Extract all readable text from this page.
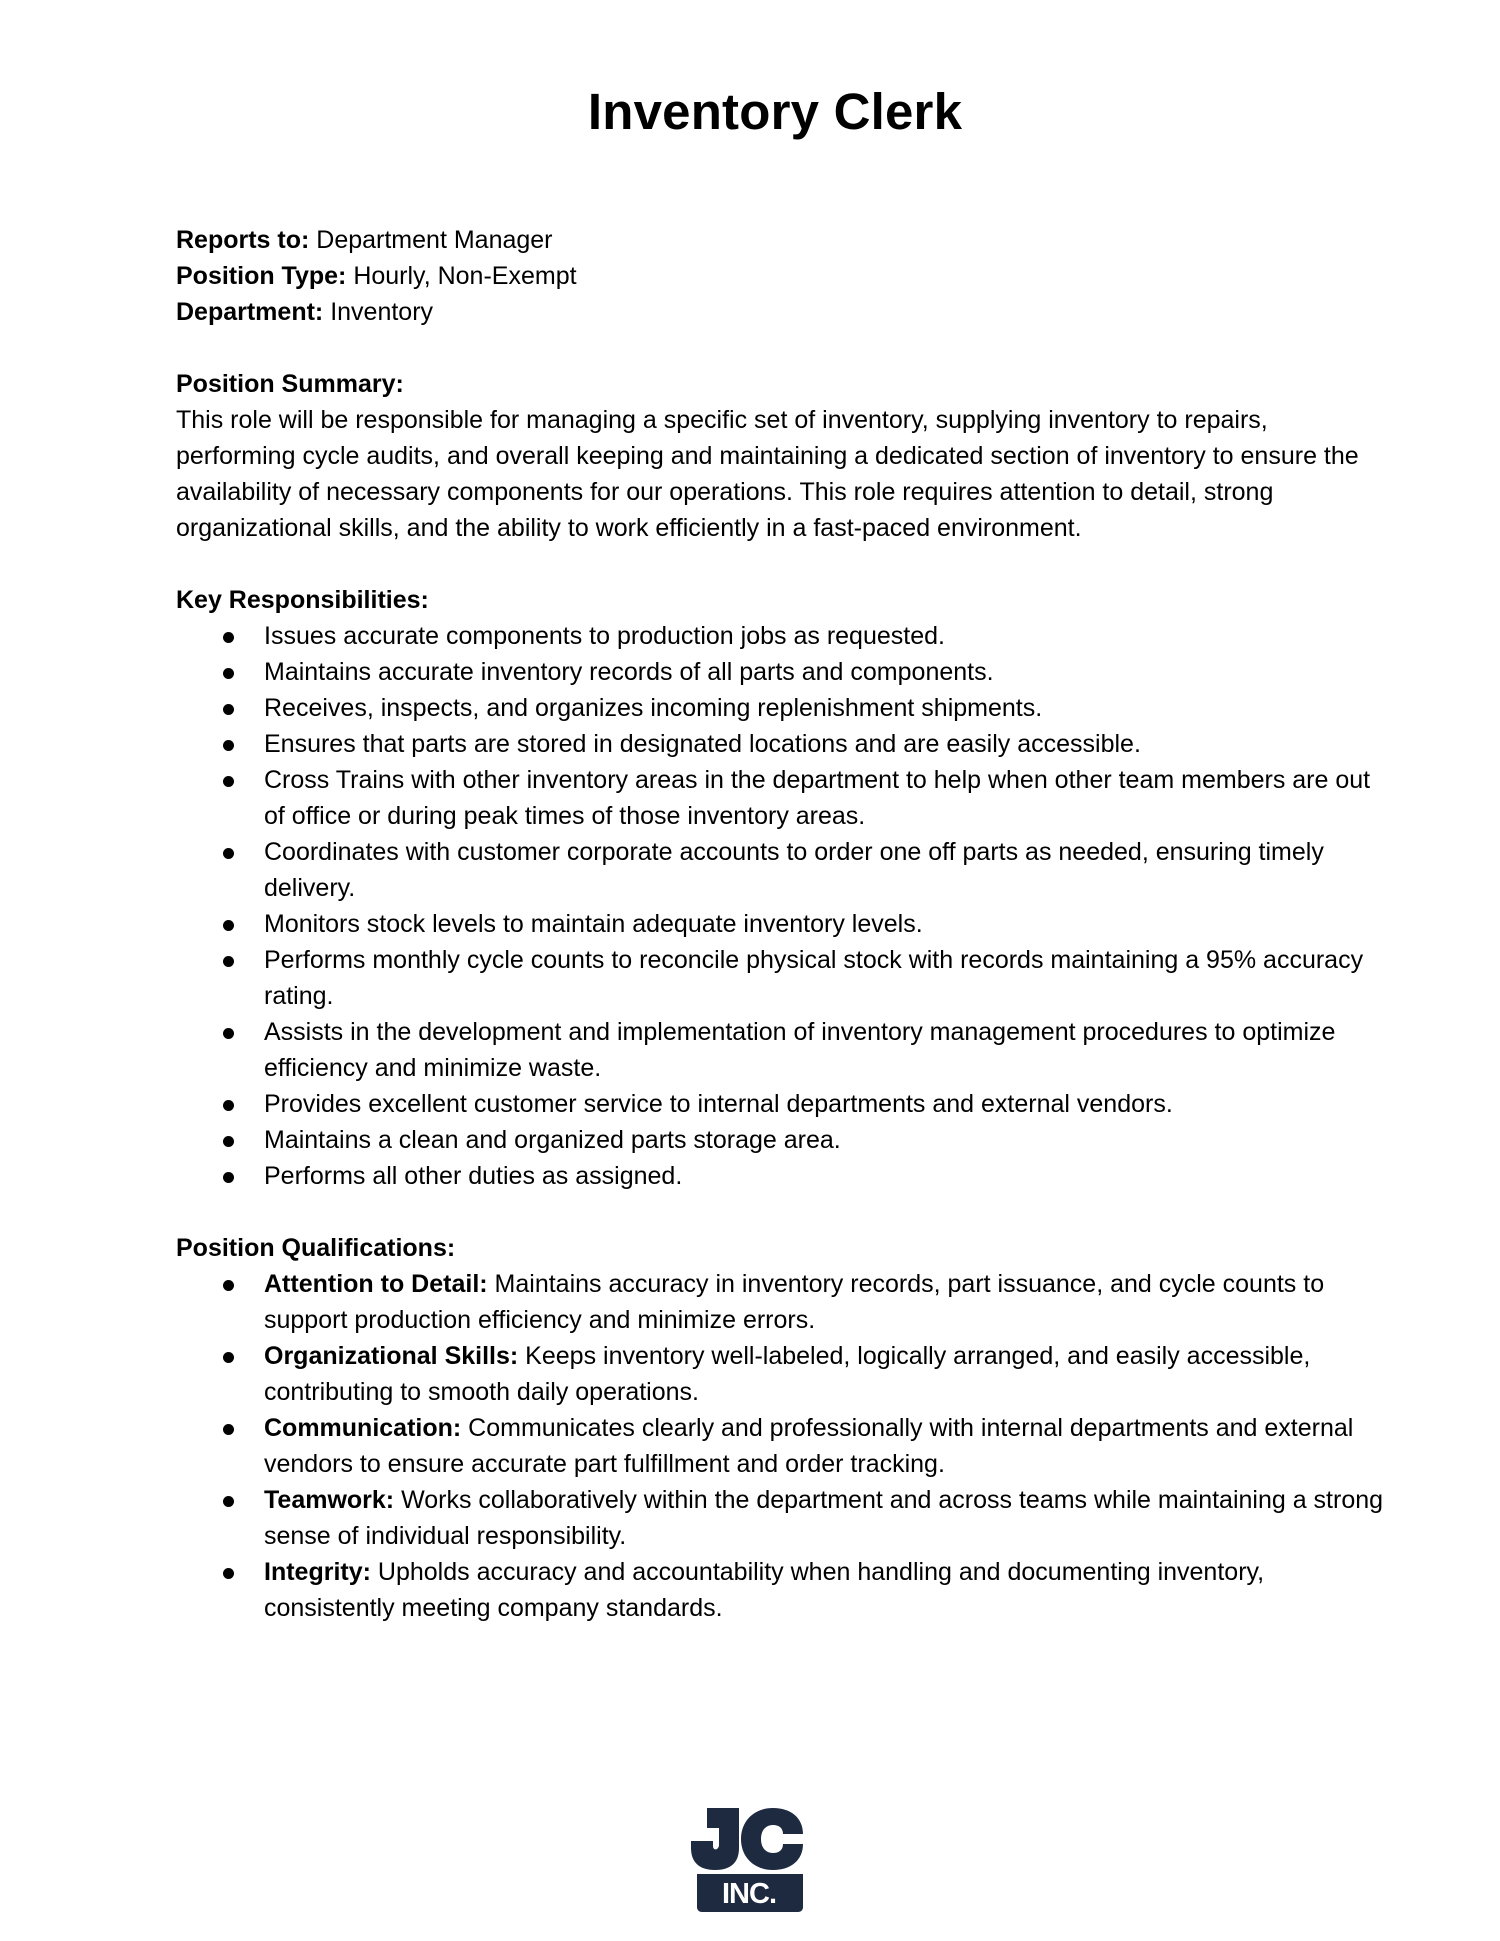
Inventory Clerk

Reports to: Department Manager

Position Type: Hourly, Non-Exempt

Department: Inventory

Position Summary:

This role will be responsible for managing a specific set of inventory, supplying inventory to repairs, performing cycle audits, and overall keeping and maintaining a dedicated section of inventory to ensure the availability of necessary components for our operations. This role requires attention to detail, strong organizational skills, and the ability to work efficiently in a fast-paced environment.

Key Responsibilities:

Issues accurate components to production jobs as requested.
Maintains accurate inventory records of all parts and components.
Receives, inspects, and organizes incoming replenishment shipments.
Ensures that parts are stored in designated locations and are easily accessible.
Cross Trains with other inventory areas in the department to help when other team members are out of office or during peak times of those inventory areas.
Coordinates with customer corporate accounts to order one off parts as needed, ensuring timely delivery.
Monitors stock levels to maintain adequate inventory levels.
Performs monthly cycle counts to reconcile physical stock with records maintaining a 95% accuracy rating.
Assists in the development and implementation of inventory management procedures to optimize efficiency and minimize waste.
Provides excellent customer service to internal departments and external vendors.
Maintains a clean and organized parts storage area.
Performs all other duties as assigned.

Position Qualifications:

Attention to Detail: Maintains accuracy in inventory records, part issuance, and cycle counts to support production efficiency and minimize errors.
Organizational Skills: Keeps inventory well-labeled, logically arranged, and easily accessible, contributing to smooth daily operations.
Communication: Communicates clearly and professionally with internal departments and external vendors to ensure accurate part fulfillment and order tracking.
Teamwork: Works collaboratively within the department and across teams while maintaining a strong sense of individual responsibility.
Integrity: Upholds accuracy and accountability when handling and documenting inventory, consistently meeting company standards.
INC.
